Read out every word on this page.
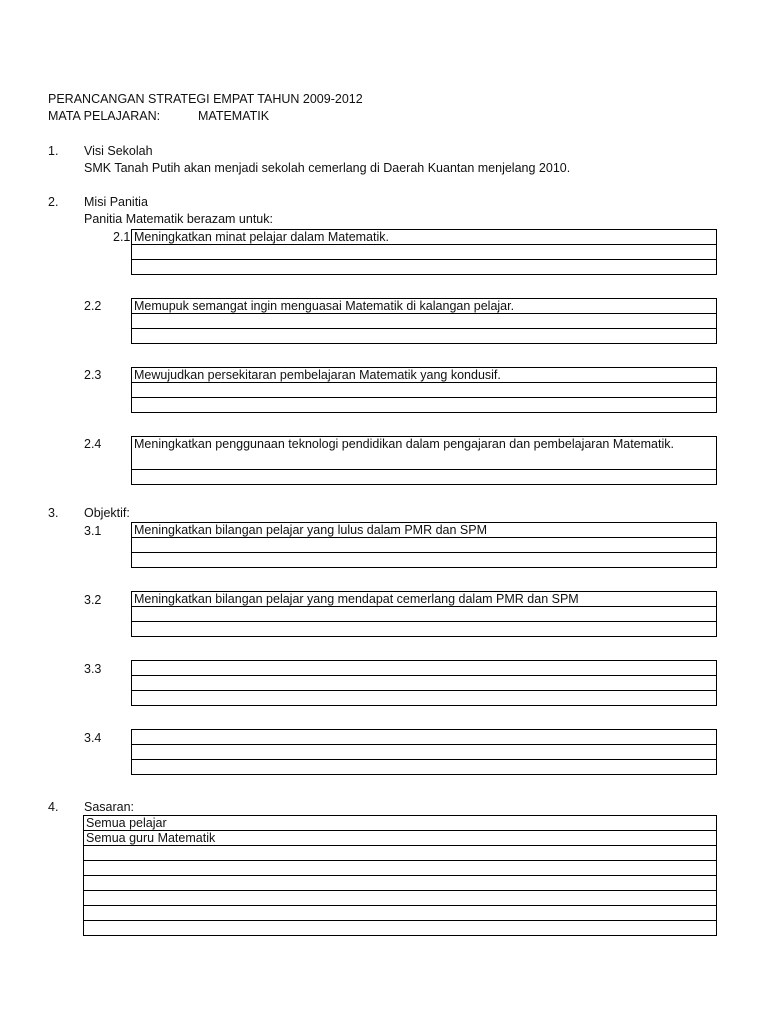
PERANCANGAN STRATEGI EMPAT TAHUN 2009-2012
MATA PELAJARAN:	MATEMATIK
1. Visi Sekolah
SMK Tanah Putih akan menjadi sekolah cemerlang di Daerah Kuantan menjelang 2010.
2. Misi Panitia
Panitia Matematik berazam untuk:
2.1 Meningkatkan minat pelajar dalam Matematik.

2.2	Memupuk semangat ingin menguasai Matematik di kalangan pelajar.

2.3	Mewujudkan persekitaran pembelajaran Matematik yang kondusif.

2.4	Meningkatkan penggunaan teknologi pendidikan dalam pengajaran dan pembelajaran Matematik.

3. Objektif:
3.1	Meningkatkan bilangan pelajar yang lulus dalam PMR dan SPM

3.2	Meningkatkan bilangan pelajar yang mendapat cemerlang dalam PMR dan SPM

3.3

3.4

4. Sasaran:
Semua pelajar
Semua guru Matematik
